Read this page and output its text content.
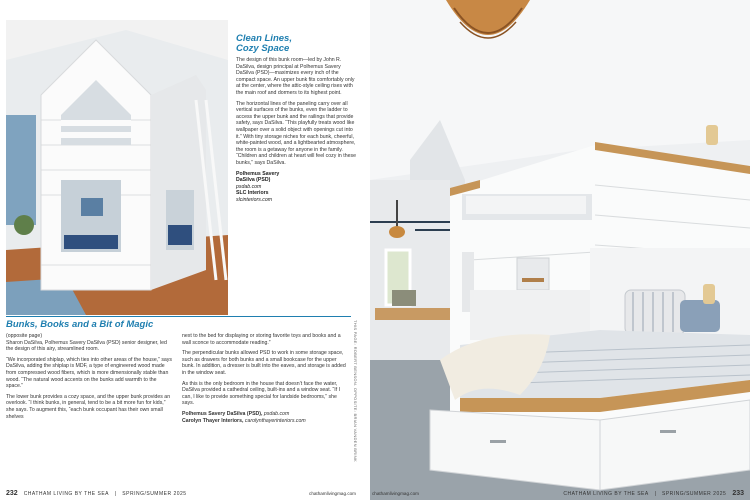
Clean Lines, Cozy Space

The design of this bunk room—led by John R. DaSilva, design principal at Polhemus Savery DaSilva (PSD)—maximizes every inch of the compact space. An upper bunk fits comfortably only at the center, where the attic-style ceiling rises with the main roof and dormers to its highest point.

The horizontal lines of the paneling carry over all vertical surfaces of the bunks, even the ladder to access the upper bunk and the railings that provide safety, says DaSilva. “This playfully treats wood like wallpaper over a solid object with openings cut into it.” With tiny storage niches for each bunk, cheerful, white-painted wood, and a lightbearted atmosphere, the room is a getaway for anyone in the family. “Children and children at heart will feel cozy in these bunks,” says DaSilva.

Polhemus Savery
DaSilva (PSD)
psdab.com
SLC Interiors
slcinteriors.com
Bunks, Books and a Bit of Magic

(opposite page)
Sharon DaSilva, Polhemus Savery DaSilva (PSD) senior designer, led the design of this airy, streamlined room.

“We incorporated shiplap, which ties into other areas of the house,” says DaSilva, adding the shiplap is MDF, a type of engineered wood made from compressed wood fibers, which is more dimensionally stable than wood. “The natural wood accents on the bunks add warmth to the space.”

The lower bunk provides a cozy space, and the upper bunk provides an overlook. “I think bunks, in general, tend to be a bit more fun for kids,” she says. To augment this, “each bunk occupant has their own small shelves

next to the bed for displaying or storing favorite toys and books and a wall sconce to accommodate reading.”

The perpendicular bunks allowed PSD to work in some storage space, such as drawers for both bunks and a small bookcase for the upper bunk. In addition, a dresser is built into the eaves, and storage is added in the window seat.

As this is the only bedroom in the house that doesn’t face the water, DaSilva provided a cathedral ceiling, built-ins and a window seat. “If I can, I like to provide something special for landside bedrooms,” she says.

Polhemus Savery DaSilva (PSD), psdab.com
Carolyn Thayer Interiors, carolynthayerinteriors.com	THIS PAGE: ROBERT BENSON. OPPOSITE: BRIAN VANDEN BRINK
232 CHATHAM LIVING BY THE SEA | SPRING/SUMMER 2025	chathamlivingmag.com	chathamlivingmag.com	CHATHAM LIVING BY THE SEA | SPRING/SUMMER 2025 233
